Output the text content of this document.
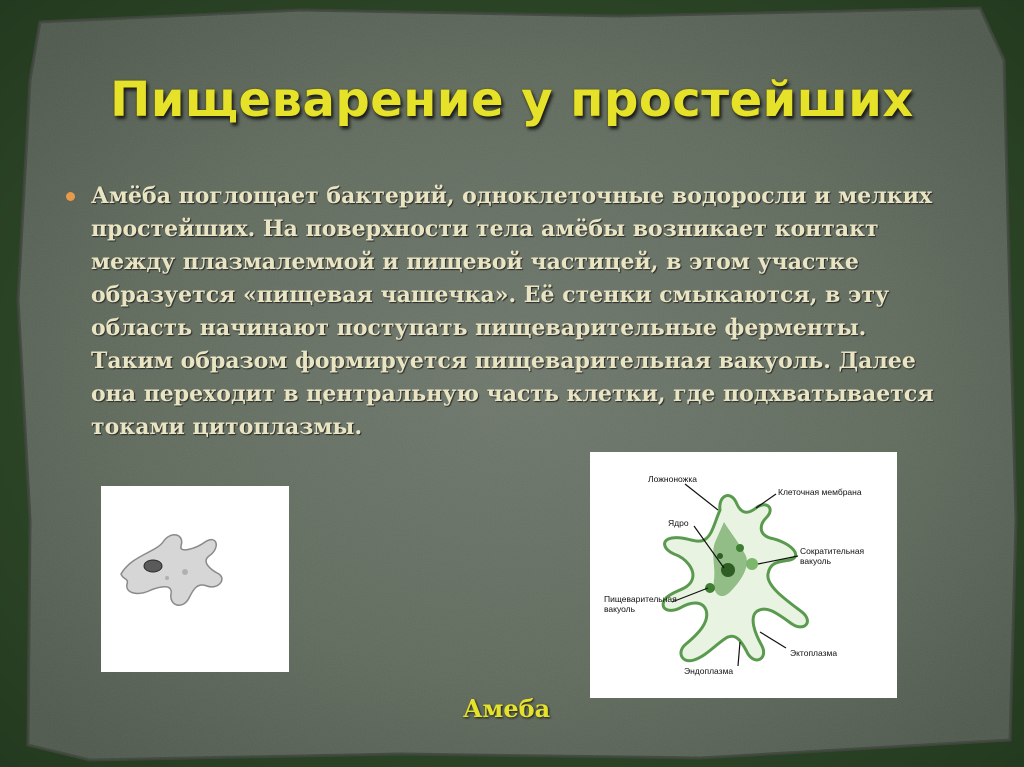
Пищеварение у простейших
Амёба поглощает бактерий, одноклеточные водоросли и мелких простейших. На поверхности тела амёбы возникает контакт между плазмалеммой и пищевой частицей, в этом участке образуется «пищевая чашечка». Её стенки смыкаются, в эту область начинают поступать пищеварительные ферменты. Таким образом формируется пищеварительная вакуоль. Далее она переходит в центральную часть клетки, где подхватывается токами цитоплазмы.
Ложноножка
Клеточная мембрана
Ядро
Сократительная
вакуоль
Пищеварительная
вакуоль
Эктоплазма
Эндоплазма
Амеба
